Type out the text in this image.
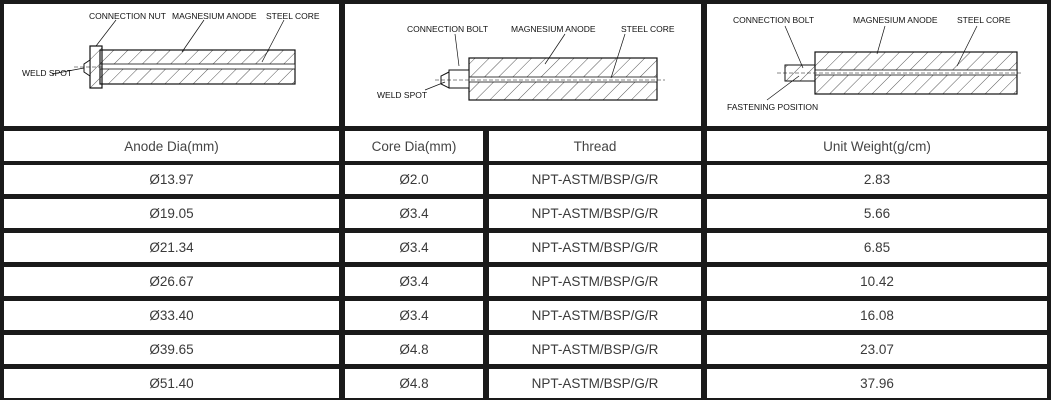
CONNECTION NUT MAGNESIUM ANODE STEEL CORE
WELD SPOT
CONNECTION BOLT	MAGNESIUM ANODE	STEEL CORE
WELD SPOT
CONNECTION BOLT	MAGNESIUM ANODE STEEL CORE
FASTENING POSITION
Anode Dia(mm)	Core Dia(mm)	Thread	Unit Weight(g/cm)
Ø13.97	Ø2.0	NPT-ASTM/BSP/G/R	2.83
Ø19.05	Ø3.4	NPT-ASTM/BSP/G/R	5.66
Ø21.34	Ø3.4	NPT-ASTM/BSP/G/R	6.85
Ø26.67	Ø3.4	NPT-ASTM/BSP/G/R	10.42
Ø33.40	Ø3.4	NPT-ASTM/BSP/G/R	16.08
Ø39.65	Ø4.8	NPT-ASTM/BSP/G/R	23.07
Ø51.40	Ø4.8	NPT-ASTM/BSP/G/R	37.96
